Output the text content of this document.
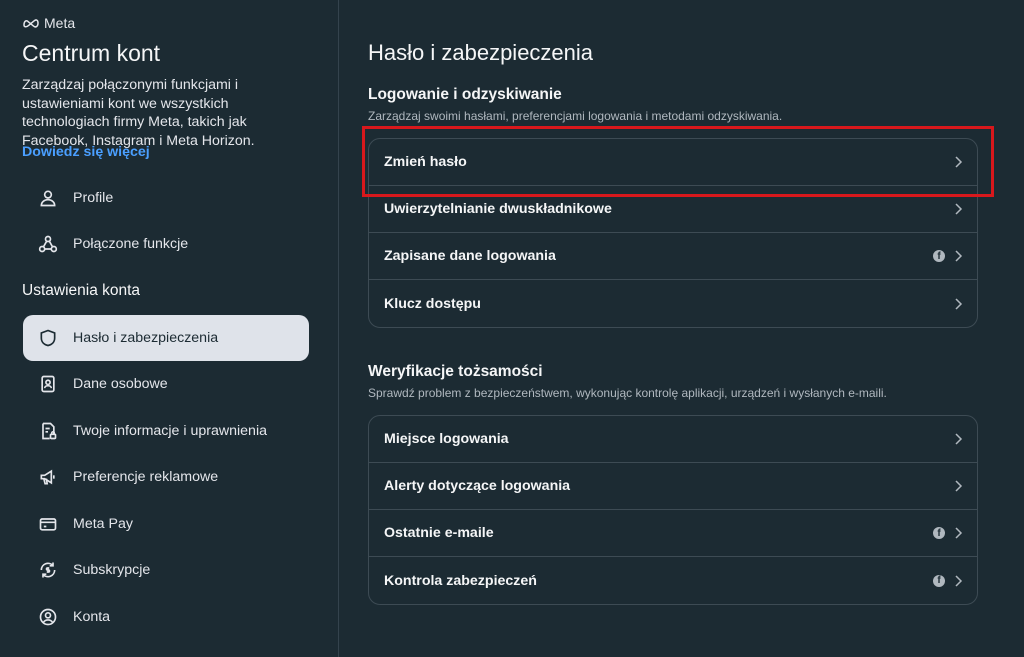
Meta
Centrum kont
Zarządzaj połączonymi funkcjami i ustawieniami kont we wszystkich technologiach firmy Meta, takich jak Facebook, Instagram i Meta Horizon.
Dowiedz się więcej
Profile
Połączone funkcje
Ustawienia konta
Hasło i zabezpieczenia
Dane osobowe
Twoje informacje i uprawnienia
Preferencje reklamowe
Meta Pay
Subskrypcje
Konta
Hasło i zabezpieczenia
Logowanie i odzyskiwanie
Zarządzaj swoimi hasłami, preferencjami logowania i metodami odzyskiwania.
Zmień hasło
Uwierzytelnianie dwuskładnikowe
Zapisane dane logowania	f
Klucz dostępu
Weryfikacje tożsamości
Sprawdź problem z bezpieczeństwem, wykonując kontrolę aplikacji, urządzeń i wysłanych e-maili.
Miejsce logowania
Alerty dotyczące logowania
Ostatnie e-maile	f
Kontrola zabezpieczeń	f
